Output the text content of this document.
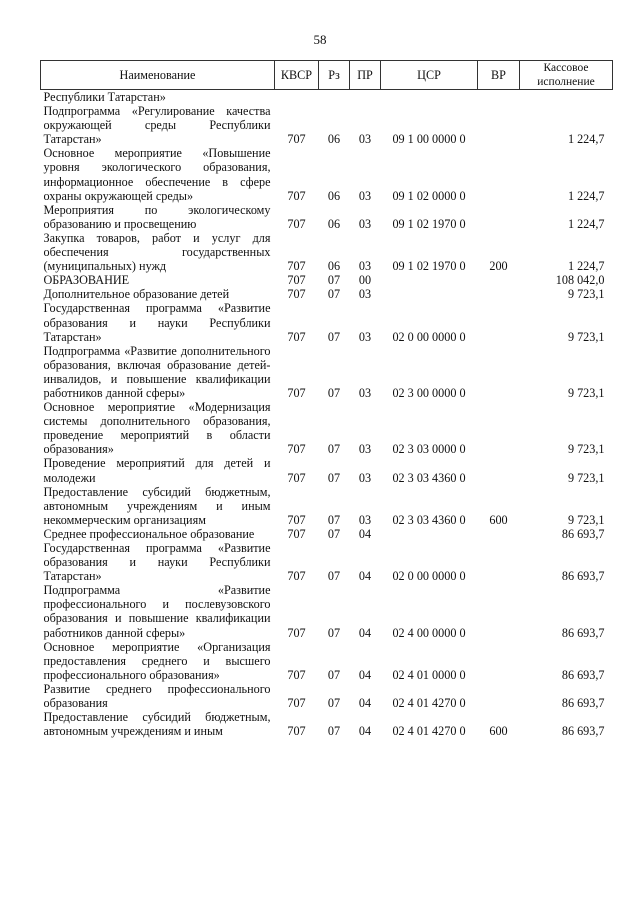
58
Наименование	КВСР	Рз	ПР	ЦСР	ВР	Кассовое исполнение
Республики Татарстан»						
Подпрограмма «Регулирование качества окружающей среды Республики Татарстан»	707	06	03	09 1 00 0000 0		1 224,7
Основное мероприятие «Повышение уровня экологического образования, информационное обеспечение в сфере охраны окружающей среды»	707	06	03	09 1 02 0000 0		1 224,7
Мероприятия по экологическому образованию и просвещению	707	06	03	09 1 02 1970 0		1 224,7
Закупка товаров, работ и услуг для обеспечения государственных (муниципальных) нужд	707	06	03	09 1 02 1970 0	200	1 224,7
ОБРАЗОВАНИЕ	707	07	00			108 042,0
Дополнительное образование детей	707	07	03			9 723,1
Государственная программа «Развитие образования и науки Республики Татарстан»	707	07	03	02 0 00 0000 0		9 723,1
Подпрограмма «Развитие дополнительного образования, включая образование детей-инвалидов, и повышение квалификации работников данной сферы»	707	07	03	02 3 00 0000 0		9 723,1
Основное мероприятие «Модернизация системы дополнительного образования, проведение мероприятий в области образования»	707	07	03	02 3 03 0000 0		9 723,1
Проведение мероприятий для детей и молодежи	707	07	03	02 3 03 4360 0		9 723,1
Предоставление субсидий бюджетным, автономным учреждениям и иным некоммерческим организациям	707	07	03	02 3 03 4360 0	600	9 723,1
Среднее профессиональное образование	707	07	04			86 693,7
Государственная программа «Развитие образования и науки Республики Татарстан»	707	07	04	02 0 00 0000 0		86 693,7
Подпрограмма «Развитие профессионального и послевузовского образования и повышение квалификации работников данной сферы»	707	07	04	02 4 00 0000 0		86 693,7
Основное мероприятие «Организация предоставления среднего и высшего профессионального образования»	707	07	04	02 4 01 0000 0		86 693,7
Развитие среднего профессионального образования	707	07	04	02 4 01 4270 0		86 693,7
Предоставление субсидий бюджетным, автономным учреждениям и иным	707	07	04	02 4 01 4270 0	600	86 693,7
